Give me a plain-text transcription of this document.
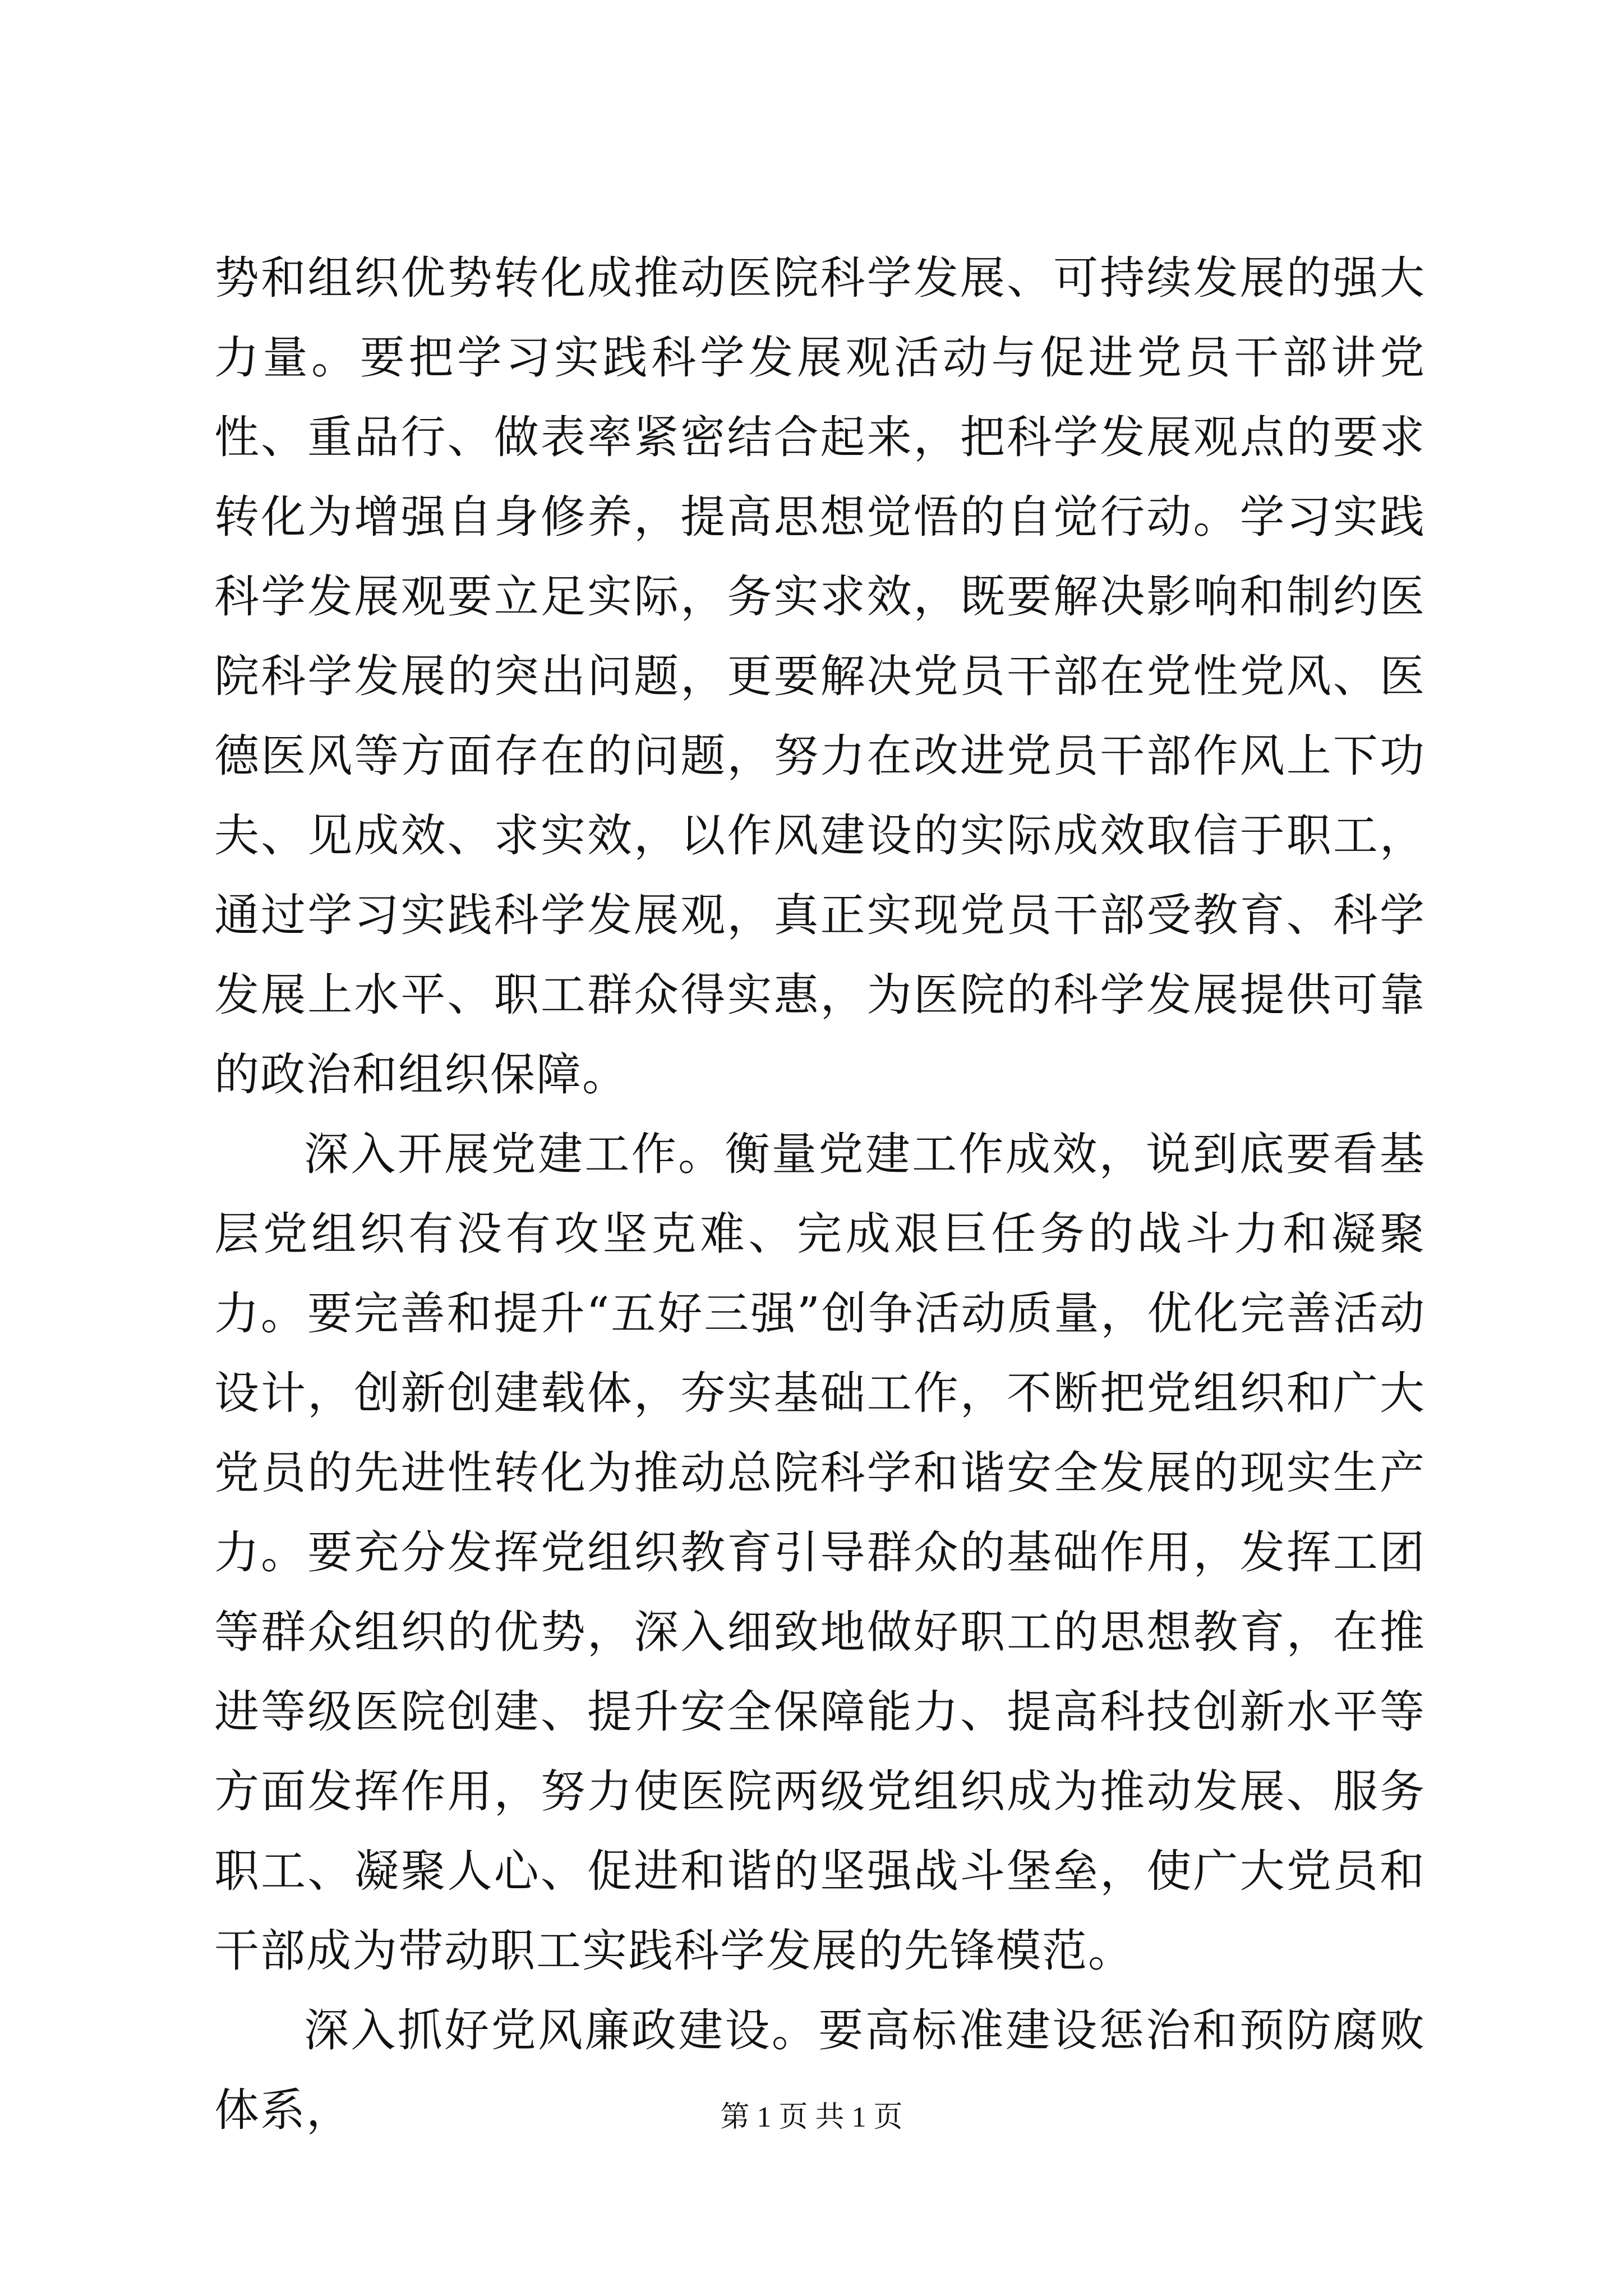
势和组织优势转化成推动医院科学发展、可持续发展的强大力量。要把学习实践科学发展观活动与促进党员干部讲党性、重品行、做表率紧密结合起来，把科学发展观点的要求转化为增强自身修养，提高思想觉悟的自觉行动。学习实践科学发展观要立足实际，务实求效，既要解决影响和制约医院科学发展的突出问题，更要解决党员干部在党性党风、医德医风等方面存在的问题，努力在改进党员干部作风上下功夫、见成效、求实效，以作风建设的实际成效取信于职工，通过学习实践科学发展观，真正实现党员干部受教育、科学发展上水平、职工群众得实惠，为医院的科学发展提供可靠的政治和组织保障。

深入开展党建工作。衡量党建工作成效，说到底要看基层党组织有没有攻坚克难、完成艰巨任务的战斗力和凝聚力。要完善和提升“五好三强”创争活动质量，优化完善活动设计，创新创建载体，夯实基础工作，不断把党组织和广大党员的先进性转化为推动总院科学和谐安全发展的现实生产力。要充分发挥党组织教育引导群众的基础作用，发挥工团等群众组织的优势，深入细致地做好职工的思想教育，在推进等级医院创建、提升安全保障能力、提高科技创新水平等方面发挥作用，努力使医院两级党组织成为推动发展、服务职工、凝聚人心、促进和谐的坚强战斗堡垒，使广大党员和干部成为带动职工实践科学发展的先锋模范。

深入抓好党风廉政建设。要高标准建设惩治和预防腐败体系，	第 1 页 共 1 页
